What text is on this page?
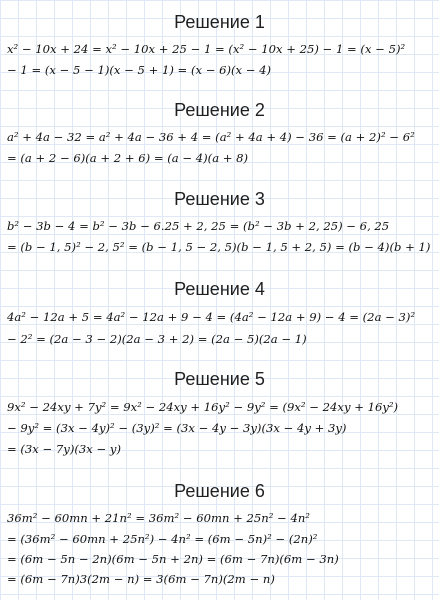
Решение 1
x² − 10x + 24 = x² − 10x + 25 − 1 = (x² − 10x + 25) − 1 = (x − 5)²
− 1 = (x − 5 − 1)(x − 5 + 1) = (x − 6)(x − 4)
Решение 2
a² + 4a − 32 = a² + 4a − 36 + 4 = (a² + 4a + 4) − 36 = (a + 2)² − 6²
= (a + 2 − 6)(a + 2 + 6) = (a − 4)(a + 8)
Решение 3
b² − 3b − 4 = b² − 3b − 6.25 + 2, 25 = (b² − 3b + 2, 25) − 6, 25
= (b − 1, 5)² − 2, 5² = (b − 1, 5 − 2, 5)(b − 1, 5 + 2, 5) = (b − 4)(b + 1)
Решение 4
4a² − 12a + 5 = 4a² − 12a + 9 − 4 = (4a² − 12a + 9) − 4 = (2a − 3)²
− 2² = (2a − 3 − 2)(2a − 3 + 2) = (2a − 5)(2a − 1)
Решение 5
9x² − 24xy + 7y² = 9x² − 24xy + 16y² − 9y² = (9x² − 24xy + 16y²)
− 9y² = (3x − 4y)² − (3y)² = (3x − 4y − 3y)(3x − 4y + 3y)
= (3x − 7y)(3x − y)
Решение 6
36m² − 60mn + 21n² = 36m² − 60mn + 25n² − 4n²
= (36m² − 60mn + 25n²) − 4n² = (6m − 5n)² − (2n)²
= (6m − 5n − 2n)(6m − 5n + 2n) = (6m − 7n)(6m − 3n)
= (6m − 7n)3(2m − n) = 3(6m − 7n)(2m − n)
